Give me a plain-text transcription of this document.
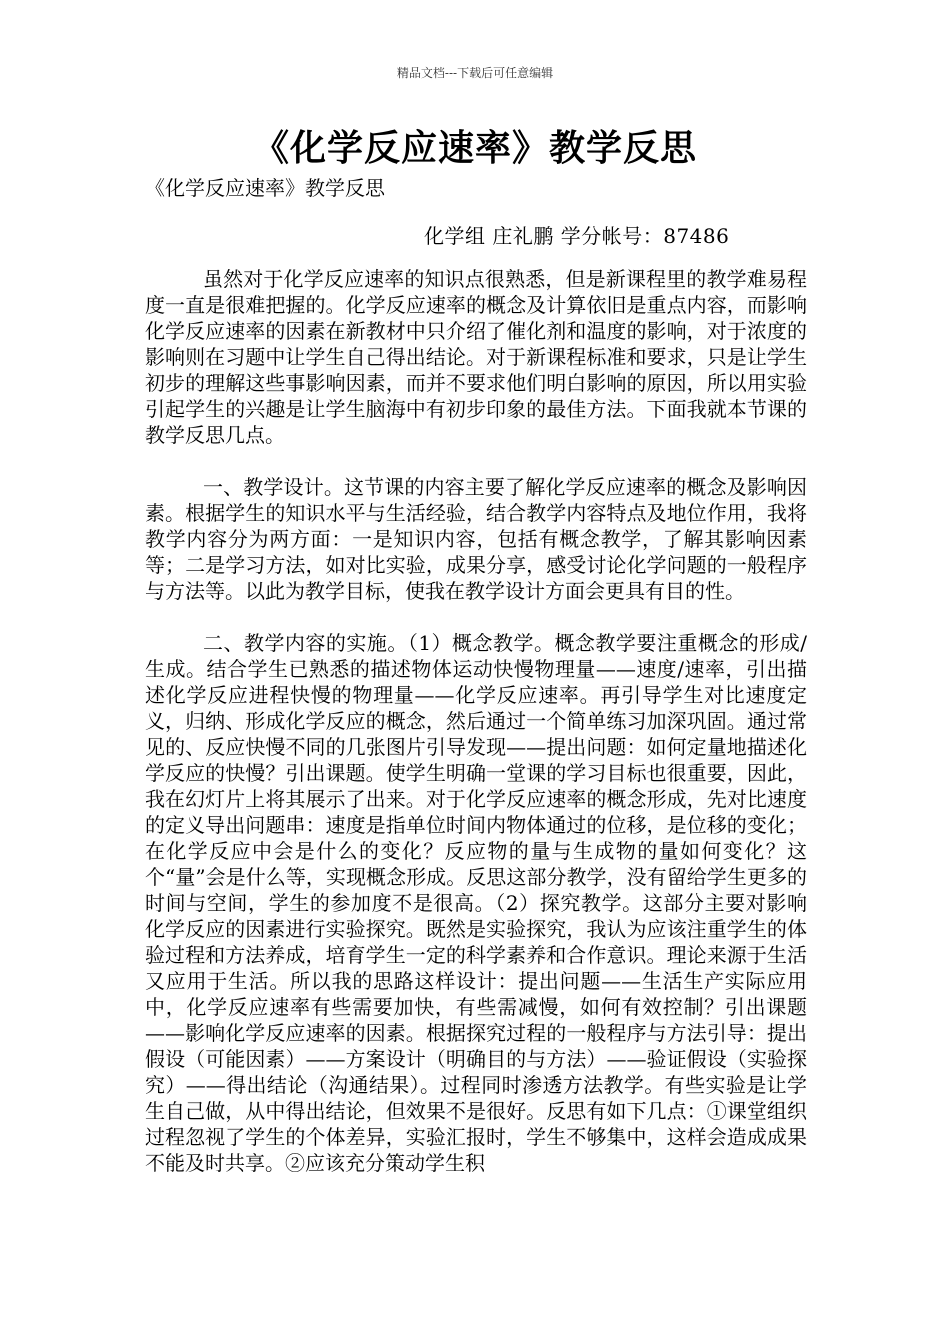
精品文档---下载后可任意编辑
《化学反应速率》教学反思
《化学反应速率》教学反思
化学组 庄礼鹏 学分帐号：87486

虽然对于化学反应速率的知识点很熟悉，但是新课程里的教学难易程度一直是很难把握的。化学反应速率的概念及计算依旧是重点内容，而影响化学反应速率的因素在新教材中只介绍了催化剂和温度的影响，对于浓度的影响则在习题中让学生自己得出结论。对于新课程标准和要求，只是让学生初步的理解这些事影响因素，而并不要求他们明白影响的原因，所以用实验引起学生的兴趣是让学生脑海中有初步印象的最佳方法。下面我就本节课的教学反思几点。

一、教学设计。这节课的内容主要了解化学反应速率的概念及影响因素。根据学生的知识水平与生活经验，结合教学内容特点及地位作用，我将教学内容分为两方面：一是知识内容，包括有概念教学，了解其影响因素等；二是学习方法，如对比实验，成果分享，感受讨论化学问题的一般程序与方法等。以此为教学目标，使我在教学设计方面会更具有目的性。

二、教学内容的实施。（1）概念教学。概念教学要注重概念的形成/生成。结合学生已熟悉的描述物体运动快慢物理量——速度/速率，引出描述化学反应进程快慢的物理量——化学反应速率。再引导学生对比速度定义，归纳、形成化学反应的概念，然后通过一个简单练习加深巩固。通过常见的、反应快慢不同的几张图片引导发现——提出问题：如何定量地描述化学反应的快慢？引出课题。使学生明确一堂课的学习目标也很重要，因此，我在幻灯片上将其展示了出来。对于化学反应速率的概念形成，先对比速度的定义导出问题串：速度是指单位时间内物体通过的位移，是位移的变化；在化学反应中会是什么的变化？反应物的量与生成物的量如何变化？这个“量”会是什么等，实现概念形成。反思这部分教学，没有留给学生更多的时间与空间，学生的参加度不是很高。（2）探究教学。这部分主要对影响化学反应的因素进行实验探究。既然是实验探究，我认为应该注重学生的体验过程和方法养成，培育学生一定的科学素养和合作意识。理论来源于生活又应用于生活。所以我的思路这样设计：提出问题——生活生产实际应用中，化学反应速率有些需要加快，有些需减慢，如何有效控制？引出课题——影响化学反应速率的因素。根据探究过程的一般程序与方法引导：提出假设（可能因素）——方案设计（明确目的与方法）——验证假设（实验探究）——得出结论（沟通结果）。过程同时渗透方法教学。有些实验是让学生自己做，从中得出结论，但效果不是很好。反思有如下几点：①课堂组织过程忽视了学生的个体差异，实验汇报时，学生不够集中，这样会造成成果不能及时共享。②应该充分策动学生积
